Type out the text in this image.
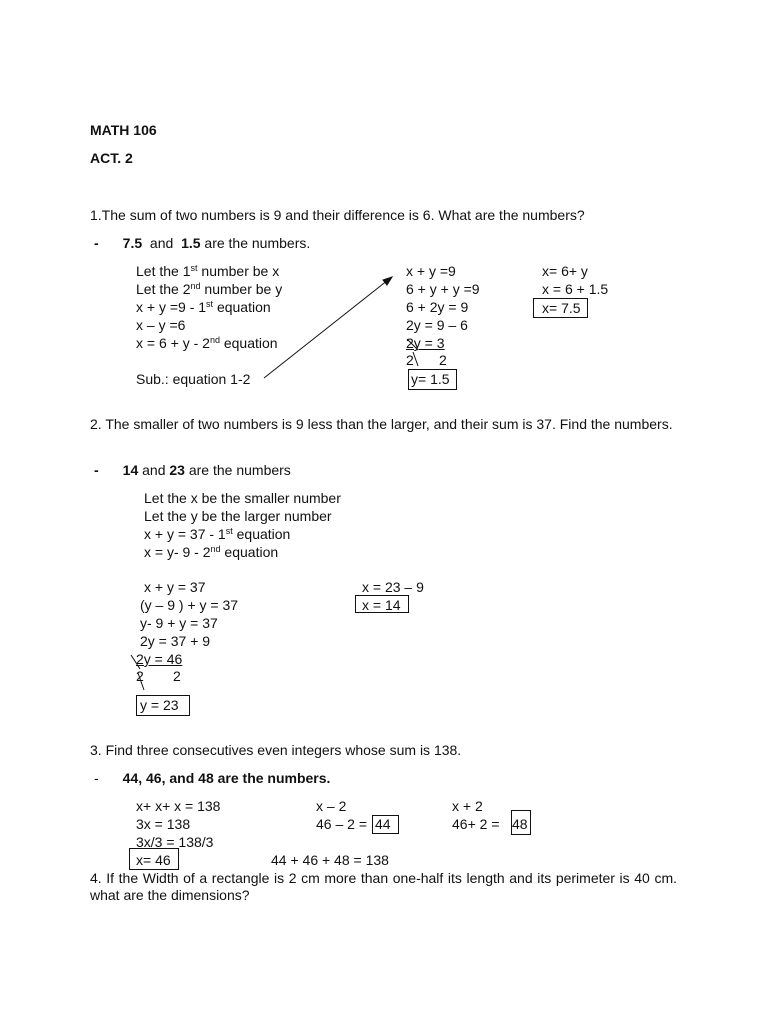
MATH 106
ACT. 2
1.The sum of two numbers is 9 and their difference is 6. What are the numbers?
- 7.5 and 1.5 are the numbers.
Let the 1st number be x
Let the 2nd number be y
x + y =9 - 1st equation
x – y =6
x = 6 + y - 2nd equation
Sub.: equation 1-2
x + y =9
6 + y + y =9
6 + 2y = 9
2y = 9 – 6
2y = 3
2 2
y= 1.5
x= 6+ y
x = 6 + 1.5
x= 7.5
2. The smaller of two numbers is 9 less than the larger, and their sum is 37. Find the numbers.
- 14 and 23 are the numbers
Let the x be the smaller number
Let the y be the larger number
x + y = 37 - 1st equation
x = y- 9 - 2nd equation
x + y = 37
(y – 9 ) + y = 37
y- 9 + y = 37
2y = 37 + 9
2y = 46
2 2
y = 23
x = 23 – 9
x = 14
3. Find three consecutives even integers whose sum is 138.
- 44, 46, and 48 are the numbers.
x+ x+ x = 138
3x = 138
3x/3 = 138/3
x= 46
x – 2
46 – 2 = 44
44 + 46 + 48 = 138
x + 2
46+ 2 = 48
4. If the Width of a rectangle is 2 cm more than one-half its length and its perimeter is 40 cm. what are the dimensions?
